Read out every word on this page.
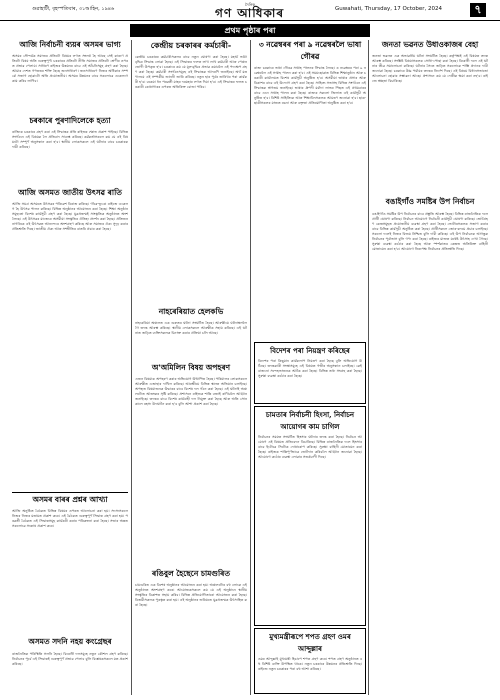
গুৱাহাটী, বৃহস্পতিবাৰ, ৩১আহিন, ১৯৪৬
দৈনিক
গণ আধিকাৰ	Guwahati, Thursday, 17 October, 2024	৭
প্ৰথম পৃষ্ঠাৰ পৰা
আজি নিৰ্বাচনী ব্যয়ৰ অসমৰ ভাগ্য
অসমৰ সৌন্দৰ্যক সমাজৰ প্ৰতিটো বিষয়ৰ লগত সংলগ্ন হৈ আছে সেই কাৰণে প্ৰতিটো বিষয় অতি গুৰুত্বপূৰ্ণ। চৰকাৰৰ প্ৰতিটো নীতি সমাজৰ প্ৰতিটো শ্ৰেণীৰ ওপৰত প্ৰভাৱ পেলায়। সাধাৰণ ৰাইজৰ উন্নয়নৰ বাবে এই আঁচনিসমূহ গ্ৰহণ কৰা হৈছে। আমাৰ দেশত গণতন্ত্ৰৰ শক্তি হৈছে জনসাধাৰণ। জনসাধাৰণে নিজৰ অধিকাৰ সম্পৰ্কে সজাগ হোৱাটো অতি প্ৰয়োজনীয়। অসমৰ উন্নয়নৰ বাবে সকলোৱে একেলগে কাম কৰিব লাগিব।
চৰকাৰে পুৰণাদিলেকে হত্যা
ৰাজ্যিক চৰকাৰে গ্ৰহণ কৰা এই সিদ্ধান্তৰ প্ৰতি ৰাইজৰ ক্ষোভ প্ৰকাশ পাইছে। বিভিন্ন সংগঠনে এই বিষয়ক লৈ প্ৰতিবাদ সাব্যস্ত কৰিছে। কৰ্মকৰ্তাসকলে কয় যে এই বিষয়টো সম্পূৰ্ণ অনুসন্ধান কৰা হ'ব। স্থানীয় লোকসকলে এই ঘটনাৰ বাবে চৰকাৰক দায়ী কৰিছে।
আজি অসমত জাতীয় উৎসৱ ৰাতি
আজি সমগ্ৰ অসমতে উৎসৱৰ পৰিৱেশ বিৰাজ কৰিছে। গাঁৱে-ভূঞে ৰাইজে একেলগ হৈ উৎসৱ পালন কৰিছে। বিভিন্ন অনুষ্ঠানৰ আয়োজন কৰা হৈছে। শিক্ষা অনুষ্ঠানসমূহতো বিশেষ কাৰ্যসূচী গ্ৰহণ কৰা হৈছে। যুৱপ্ৰজন্মই সাংস্কৃতিক অনুষ্ঠানত অংশ লৈছে। এই উৎসৱৰ মাজেৰে অসমীয়া সংস্কৃতিৰ ঐতিহ্য প্ৰদৰ্শন কৰা হৈছে। প্ৰতিজন নাগৰিকে এই উৎসৱত আনন্দেৰে অংশগ্ৰহণ কৰিছে আৰু সমাজৰ ঐক্য সুদৃঢ় কৰাৰ প্ৰতিশ্ৰুতি দিছে। জাতীয় ঐক্য আৰু সম্প্ৰীতিৰ বাতৰি প্ৰচাৰ কৰা হৈছে।
অসমৰ বাৰৰ প্ৰশ্নৰ আখ্যা
আজি অনুষ্ঠিত বৈঠকত বিভিন্ন বিষয়ৰ ওপৰত আলোচনা কৰা হয়। সদস্যসকলে নিজৰ নিজৰ মতামত প্ৰকাশ কৰে। এই বৈঠকত গুৰুত্বপূৰ্ণ সিদ্ধান্ত গ্ৰহণ কৰা হয়। পৰৱৰ্তী বৈঠকত এই সিদ্ধান্তসমূহ কাৰ্যকৰী কৰাৰ পৰিকল্পনা কৰা হৈছে। সভাৰ অন্তত সকলোৱে সন্তোষ প্ৰকাশ কৰে।
অসমত সদনি নহয় কংগ্ৰেছৰ
ৰাজনৈতিক পৰিস্থিতি সলনি হৈছে। বিৰোধী দলসমূহে নতুন কৌশল গ্ৰহণ কৰিছে। নিৰ্বাচনৰ পূৰ্বে এই সিদ্ধান্তই গুৰুত্বপূৰ্ণ প্ৰভাৱ পেলাব বুলি বিশ্লেষকসকলে মত প্ৰকাশ কৰিছে।
কেন্দ্ৰীয় চৰকাৰৰ কৰ্মচাৰী-
কেন্দ্ৰীয় চৰকাৰৰ কৰ্মচাৰীসকলৰ বাবে নতুন ঘোষণা কৰা হৈছে। মহাৰ্ঘ ভাট্টা বৃদ্ধিৰ সিদ্ধান্ত লোৱা হৈছে। এই সিদ্ধান্তৰ ফলত লাখ লাখ কৰ্মচাৰী আৰু পেঞ্চনভোগী উপকৃত হ'ব। চৰকাৰে কয় যে মূল্যবৃদ্ধিৰ প্ৰভাৱ কমাবলৈ এই পদক্ষেপ গ্ৰহণ কৰা হৈছে। কৰ্মচাৰী সংগঠনসমূহে এই সিদ্ধান্তক আদৰণি জনাইছে। অৰ্থ মন্ত্ৰণালয়ে এই সম্পৰ্কীয় জাননী জাৰি কৰিছে। নতুন হাৰ পূৰ্বৰ তাৰিখৰ পৰা কাৰ্যকৰী হ'ব। বকেয়া ধন পৰৱৰ্তী মাহৰ দৰমহাৰ লগত দিয়া হ'ব। এই সিদ্ধান্তৰ ফলত চৰকাৰী কোষাগাৰৰ ওপৰত অতিৰিক্ত বোজা পৰিব।
নাহৰেৰিয়াত হেলকভি
নাহৰেৰিয়া অঞ্চলত এক গুৰুতৰ ঘটনা সংঘটিত হৈছে। আৰক্ষীয়ে ঘটনাস্থললৈ গৈ তদন্ত আৰম্ভ কৰিছে। স্থানীয় লোকসকলে আৰক্ষীক সহায় কৰিছে। এই ঘটনাত জড়িত ব্যক্তিসকলক চিনাক্ত কৰাৰ প্ৰক্ৰিয়া চলি আছে।
অ'অমিলিন বিষয় অপহৰণ
এজন বিষয়াক অপহৰণ কৰাৰ অভিযোগ উত্থাপিত হৈছে। পৰিয়ালৰ লোকসকলে আৰক্ষীত এজাহাৰ দাখিল কৰিছে। আৰক্ষীয়ে বিভিন্ন স্থানত অভিযান চলাইছে। অপহৃত বিষয়াজনক উদ্ধাৰৰ বাবে বিশেষ দল গঠন কৰা হৈছে। এই ঘটনাই অঞ্চলটোত আতংকৰ সৃষ্টি কৰিছে। প্ৰশাসনে ৰাইজক শান্তি বজাই ৰাখিবলৈ আহ্বান জনাইছে। তদন্তৰ বাবে বিশেষ কাৰ্যবাহী দল নিযুক্ত কৰা হৈছে আৰু অতি সোনকালে ৰহস্য উদঘাটন কৰা হ'ব বুলি আশা প্ৰকাশ কৰা হৈছে।
ৰঙিবুল হৈছেনে চামগুৰিত
চামগুৰিত এক বিশেষ অনুষ্ঠানৰ আয়োজন কৰা হয়। অঞ্চলটোৰ বহু লোকে এই অনুষ্ঠানত অংশগ্ৰহণ কৰে। আয়োজকসকলে কয় যে এই অনুষ্ঠানে স্থানীয় সংস্কৃতিৰ বিকাশত সহায় কৰিব। বিভিন্ন প্ৰতিযোগিতাৰো আয়োজন কৰা হৈছে। বিজয়ীসকলক পুৰস্কৃত কৰা হয়। এই অনুষ্ঠানৰ জৰিয়তে যুৱপ্ৰজন্মক উৎসাহিত কৰা হৈছে।
৩ নৱেম্বৰৰ পৰা ৯ নৱেম্বৰলৈ ভাষা গৌৰৱ
ৰাজ্য চৰকাৰে ভাষা গৌৰৱ সপ্তাহ পালনৰ সিদ্ধান্ত লৈছে। ৩ নৱেম্বৰৰ পৰা ৯ নৱেম্বৰলৈ এই সপ্তাহ পালন কৰা হ'ব। এই সময়ছোৱাত বিভিন্ন শিক্ষানুষ্ঠান আৰু চৰকাৰী কাৰ্যালয়ত বিশেষ কাৰ্যসূচী অনুষ্ঠিত হ'ব। অসমীয়া ভাষাৰ প্ৰসাৰ আৰু বিকাশৰ বাবে এই উদ্যোগ গ্ৰহণ কৰা হৈছে। সাহিত্য সভাসহ বিভিন্ন সংগঠনে এই সিদ্ধান্তক স্বাগতম জনাইছে। ভাষাৰ ধ্ৰুপদী মৰ্যাদা লাভৰ পিছত এই প্ৰথমবাৰৰ বাবে এনে সপ্তাহ পালন কৰা হৈছে। ৰাজ্যৰ সকলো জিলাত এই কাৰ্যসূচী অনুষ্ঠিত হ'ব। বিশিষ্ট সাহিত্যিক আৰু শিক্ষাবিদসকলক আমন্ত্ৰণ জনোৱা হ'ব। ছাত্ৰ-ছাত্ৰীসকলৰ মাজত ৰচনা আৰু বক্তৃতা প্ৰতিযোগিতা অনুষ্ঠিত কৰা হ'ব।
বিদেশৰ পৰা নিয়ন্ত্ৰণ কৰিছেৰ
বিদেশৰ পৰা কিছুমান কাৰ্যকলাপ নিয়ন্ত্ৰণ কৰা হৈছে বুলি অভিযোগ উঠিছে। তদন্তকাৰী সংস্থাসমূহে এই বিষয়ত গভীৰ অনুসন্ধান চলাইছে। কেইবাজনো সন্দেহভাজনক আটক কৰা হৈছে। বিভিন্ন তথ্য সংগ্ৰহ কৰা হৈছে। সুৰক্ষা ব্যৱস্থা কঠোৰ কৰা হৈছে।
চামতাৰ নিৰ্বাচনী হিংসা, নিৰ্বাচন আয়োগৰ কাম চাগিল
নিৰ্বাচনৰ সময়ত সংঘটিত হিংসাৰ ঘটনাৰ তদন্ত কৰা হৈছে। নিৰ্বাচন আয়োগে এই বিষয়ত প্ৰতিবেদন বিচাৰিছে। বিভিন্ন ৰাজনৈতিক দলে হিংসাৰ বাবে ইটোৱে সিটোক দোষাৰোপ কৰিছে। সুৰক্ষা বাহিনী মোতায়েন কৰা হৈছে। ৰাইজক শান্তিপূৰ্ণভাৱে ভোটদান কৰিবলৈ আহ্বান জনোৱা হৈছে। আয়োগে কঠোৰ ব্যৱস্থা লোৱাৰ সতৰ্কবাণী দিছে।
মুখ্যমন্ত্ৰীৰূপে শপত গ্ৰহণ ওমৰ আব্দুল্লাৰ
ওমৰ আব্দুল্লাই মুখ্যমন্ত্ৰী হিচাপে শপত গ্ৰহণ কৰে। শপত গ্ৰহণ অনুষ্ঠানত বহু বিশিষ্ট ব্যক্তি উপস্থিত থাকে। নতুন চৰকাৰে উন্নয়নৰ প্ৰতিশ্ৰুতি দিছে। ৰাইজে নতুন চৰকাৰৰ পৰা বহু আশা কৰিছে।
জনতা ভৱনত উধাওকাজৰ বেহা
জনতা ভৱনত এক অভাৱনীয় ঘটনা সংঘটিত হৈছে। কৰ্তৃপক্ষই এই বিষয়ত তদন্ত আৰম্ভ কৰিছে। সংশ্লিষ্ট বিষয়াসকলক সোধা-পোছা কৰা হৈছে। বিৰোধী দলে এই ঘটনাৰ তীব্ৰ সমালোচনা কৰিছে। ঘটনাৰ সৈতে জড়িত সকলোকে শাস্তি প্ৰদানৰ দাবী জনোৱা হৈছে। চৰকাৰে উচ্চ পৰ্যায়ৰ তদন্তৰ নিৰ্দেশ দিছে। এই বিষয়ে বিধানসভাতো আলোচনা হোৱাৰ সম্ভাৱনা আছে। প্ৰশাসনে কয় যে দোষীক ক্ষমা কৰা নহ'ব। ৰাইজে স্বচ্ছতা বিচাৰিছে।
বঙাইগাঁও সমষ্টিৰ উপ নিৰ্বাচন
বঙাইগাঁও সমষ্টিৰ উপ নিৰ্বাচনৰ বাবে প্ৰস্তুতি আৰম্ভ হৈছে। বিভিন্ন ৰাজনৈতিক দলে প্ৰাৰ্থী ঘোষণা কৰিছে। নিৰ্বাচন আয়োগে নিৰ্বাচনী কাৰ্যসূচী ঘোষণা কৰিছে। ভোটগ্ৰহণ কেন্দ্ৰসমূহত প্ৰয়োজনীয় ব্যৱস্থা গ্ৰহণ কৰা হৈছে। ভোটাৰসকলক সজাগ কৰাৰ বাবে বিভিন্ন কাৰ্যসূচী অনুষ্ঠিত কৰা হৈছে। প্ৰাৰ্থীসকলে জোৰ-কদমে প্ৰচাৰ চলাইছে। সকলো দলেই নিজৰ বিজয় নিশ্চিত বুলি দাবী কৰিছে। এই উপ নিৰ্বাচনক আগন্তুক নিৰ্বাচনৰ পূৰ্বাভাস বুলি গণ্য কৰা হৈছে। ৰাইজৰ মাজত যথেষ্ট উৎসাহ দেখা গৈছে। সুৰক্ষা ব্যৱস্থা কঠোৰ কৰা হৈছে আৰু স্পৰ্শকাতৰ কেন্দ্ৰত অতিৰিক্ত বাহিনী মোতায়েন কৰা হ'ব। আয়োগে নিৰপেক্ষ নিৰ্বাচনৰ প্ৰতিশ্ৰুতি দিছে।
